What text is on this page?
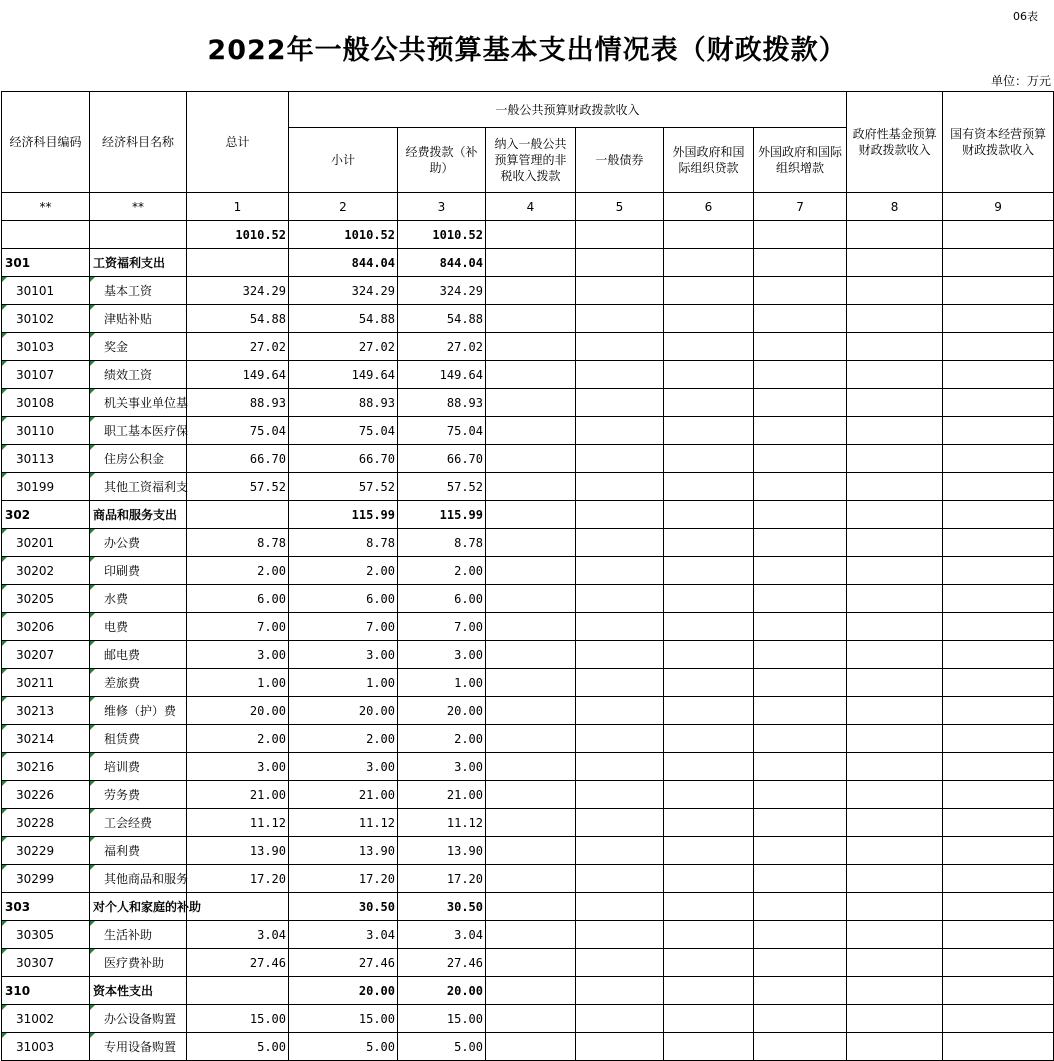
06表
2022年一般公共预算基本支出情况表（财政拨款）
单位：万元
经济科目编码	经济科目名称	总计	一般公共预算财政拨款收入						政府性基金预算财政拨款收入	国有资本经营预算财政拨款收入
			小计	经费拨款（补助）	纳入一般公共预算管理的非税收入拨款	一般债券	外国政府和国际组织贷款	外国政府和国际组织增款		
**	**	1	2	3	4	5	6	7	8	9
		1010.52	1010.52	1010.52						
301	工资福利支出		844.04	844.04						
30101	基本工资	324.29	324.29	324.29						
30102	津贴补贴	54.88	54.88	54.88						
30103	奖金	27.02	27.02	27.02						
30107	绩效工资	149.64	149.64	149.64						
30108	机关事业单位基	88.93	88.93	88.93						
30110	职工基本医疗保	75.04	75.04	75.04						
30113	住房公积金	66.70	66.70	66.70						
30199	其他工资福利支	57.52	57.52	57.52						
302	商品和服务支出		115.99	115.99						
30201	办公费	8.78	8.78	8.78						
30202	印刷费	2.00	2.00	2.00						
30205	水费	6.00	6.00	6.00						
30206	电费	7.00	7.00	7.00						
30207	邮电费	3.00	3.00	3.00						
30211	差旅费	1.00	1.00	1.00						
30213	维修（护）费	20.00	20.00	20.00						
30214	租赁费	2.00	2.00	2.00						
30216	培训费	3.00	3.00	3.00						
30226	劳务费	21.00	21.00	21.00						
30228	工会经费	11.12	11.12	11.12						
30229	福利费	13.90	13.90	13.90						
30299	其他商品和服务	17.20	17.20	17.20						
303	对个人和家庭的补助		30.50	30.50						
30305	生活补助	3.04	3.04	3.04						
30307	医疗费补助	27.46	27.46	27.46						
310	资本性支出		20.00	20.00						
31002	办公设备购置	15.00	15.00	15.00						
31003	专用设备购置	5.00	5.00	5.00						
